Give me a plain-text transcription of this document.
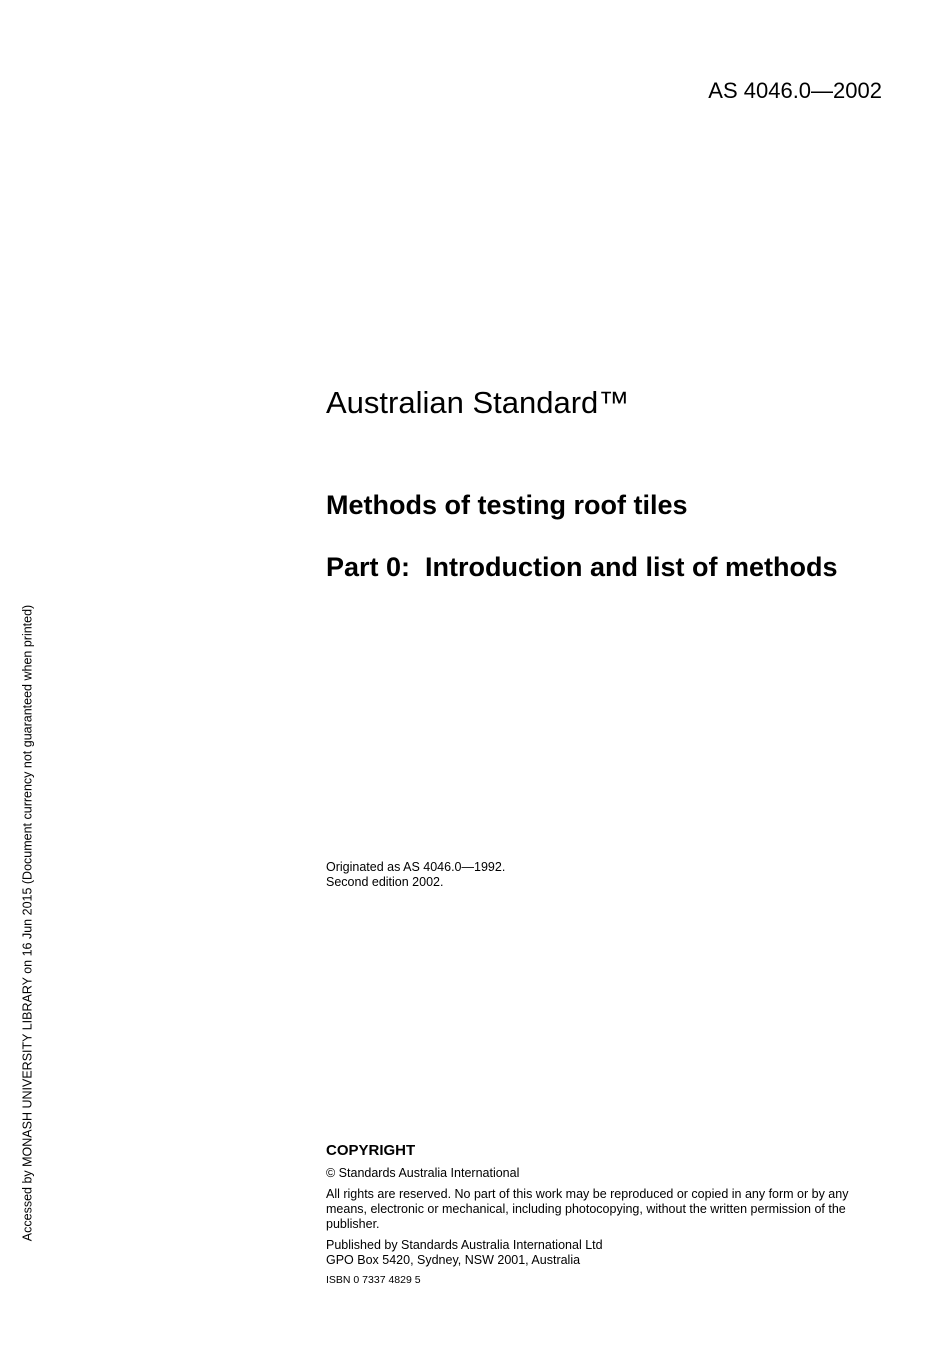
AS 4046.0—2002
Australian Standard™
Methods of testing roof tiles
Part 0:  Introduction and list of methods
Originated as AS 4046.0—1992.
Second edition 2002.
COPYRIGHT

© Standards Australia International

All rights are reserved. No part of this work may be reproduced or copied in any form or by any means, electronic or mechanical, including photocopying, without the written permission of the publisher.

Published by Standards Australia International Ltd
GPO Box 5420, Sydney, NSW 2001, Australia

ISBN 0 7337 4829 5

Accessed by MONASH UNIVERSITY LIBRARY on 16 Jun 2015 (Document currency not guaranteed when printed)
